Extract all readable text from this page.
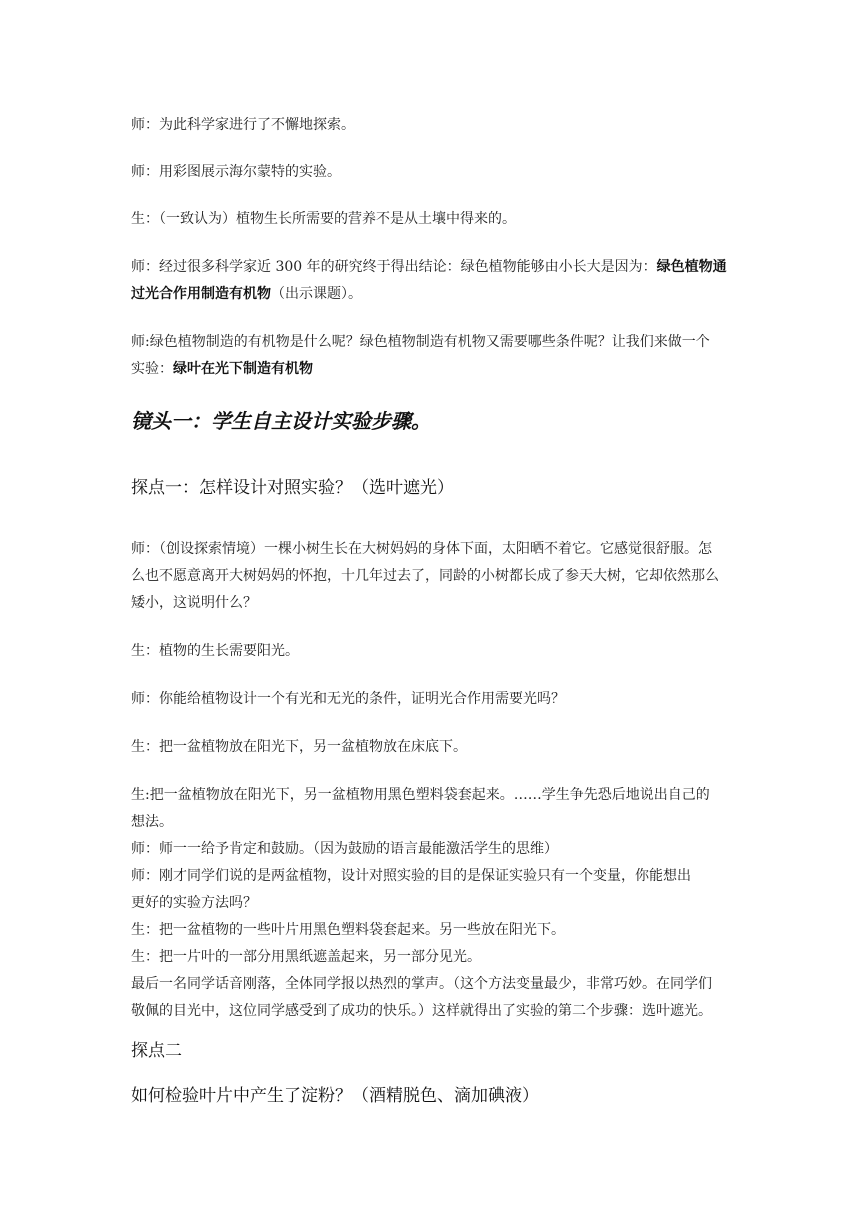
师：为此科学家进行了不懈地探索。
师：用彩图展示海尔蒙特的实验。
生：（一致认为）植物生长所需要的营养不是从土壤中得来的。
师：经过很多科学家近 300 年的研究终于得出结论：绿色植物能够由小长大是因为：绿色植物通
过光合作用制造有机物（出示课题）。
师:绿色植物制造的有机物是什么呢？绿色植物制造有机物又需要哪些条件呢？让我们来做一个
实验：绿叶在光下制造有机物
镜头一：学生自主设计实验步骤。
探点一：怎样设计对照实验？（选叶遮光）
师：（创设探索情境）一棵小树生长在大树妈妈的身体下面，太阳晒不着它。它感觉很舒服。怎
么也不愿意离开大树妈妈的怀抱，十几年过去了，同龄的小树都长成了参天大树，它却依然那么
矮小，这说明什么？
生：植物的生长需要阳光。
师：你能给植物设计一个有光和无光的条件，证明光合作用需要光吗？
生：把一盆植物放在阳光下，另一盆植物放在床底下。
生:把一盆植物放在阳光下，另一盆植物用黑色塑料袋套起来。……学生争先恐后地说出自己的
想法。
师：师一一给予肯定和鼓励。（因为鼓励的语言最能激活学生的思维）
师：刚才同学们说的是两盆植物，设计对照实验的目的是保证实验只有一个变量，你能想出
更好的实验方法吗？
生：把一盆植物的一些叶片用黑色塑料袋套起来。另一些放在阳光下。
生：把一片叶的一部分用黑纸遮盖起来，另一部分见光。
最后一名同学话音刚落，全体同学报以热烈的掌声。（这个方法变量最少，非常巧妙。在同学们
敬佩的目光中，这位同学感受到了成功的快乐。）这样就得出了实验的第二个步骤：选叶遮光。
探点二
如何检验叶片中产生了淀粉？（酒精脱色、滴加碘液）
